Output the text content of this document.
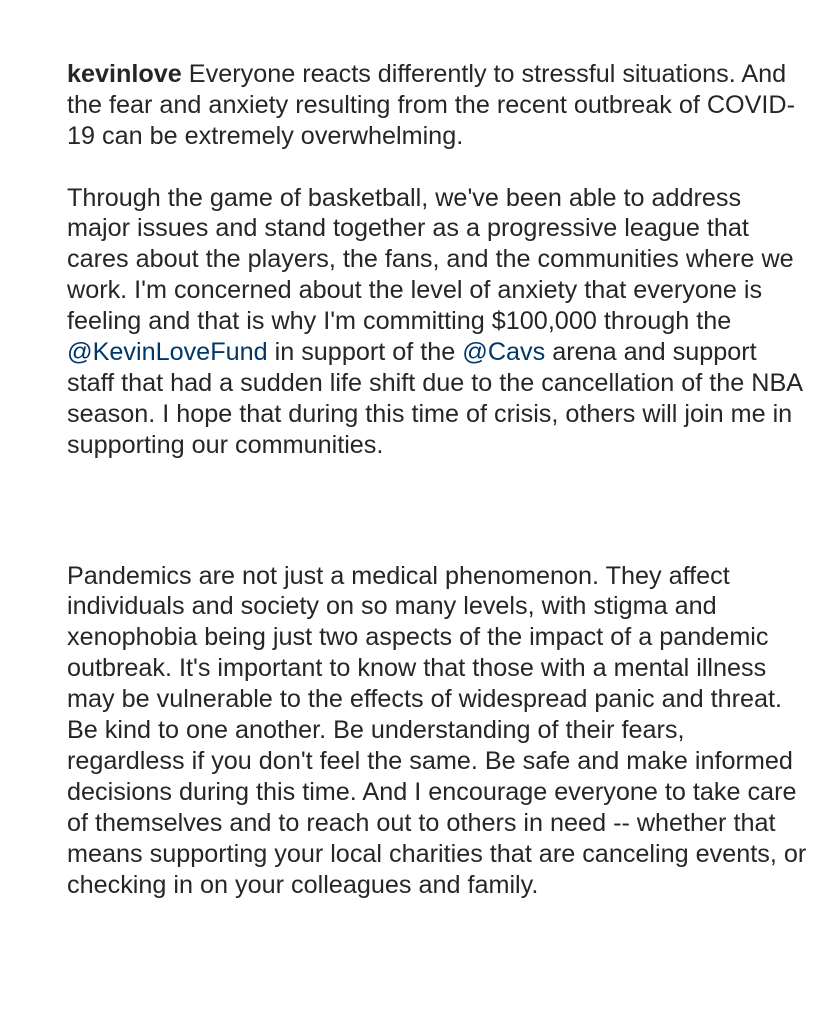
kevinlove Everyone reacts differently to stressful situations. And the fear and anxiety resulting from the recent outbreak of COVID-19 can be extremely overwhelming.

Through the game of basketball, we've been able to address major issues and stand together as a progressive league that cares about the players, the fans, and the communities where we work. I'm concerned about the level of anxiety that everyone is feeling and that is why I'm committing $100,000 through the @KevinLoveFund in support of the @Cavs arena and support staff that had a sudden life shift due to the cancellation of the NBA season. I hope that during this time of crisis, others will join me in supporting our communities.

Pandemics are not just a medical phenomenon. They affect individuals and society on so many levels, with stigma and xenophobia being just two aspects of the impact of a pandemic outbreak. It's important to know that those with a mental illness may be vulnerable to the effects of widespread panic and threat. Be kind to one another. Be understanding of their fears, regardless if you don't feel the same. Be safe and make informed decisions during this time. And I encourage everyone to take care of themselves and to reach out to others in need -- whether that means supporting your local charities that are canceling events, or checking in on your colleagues and family.
